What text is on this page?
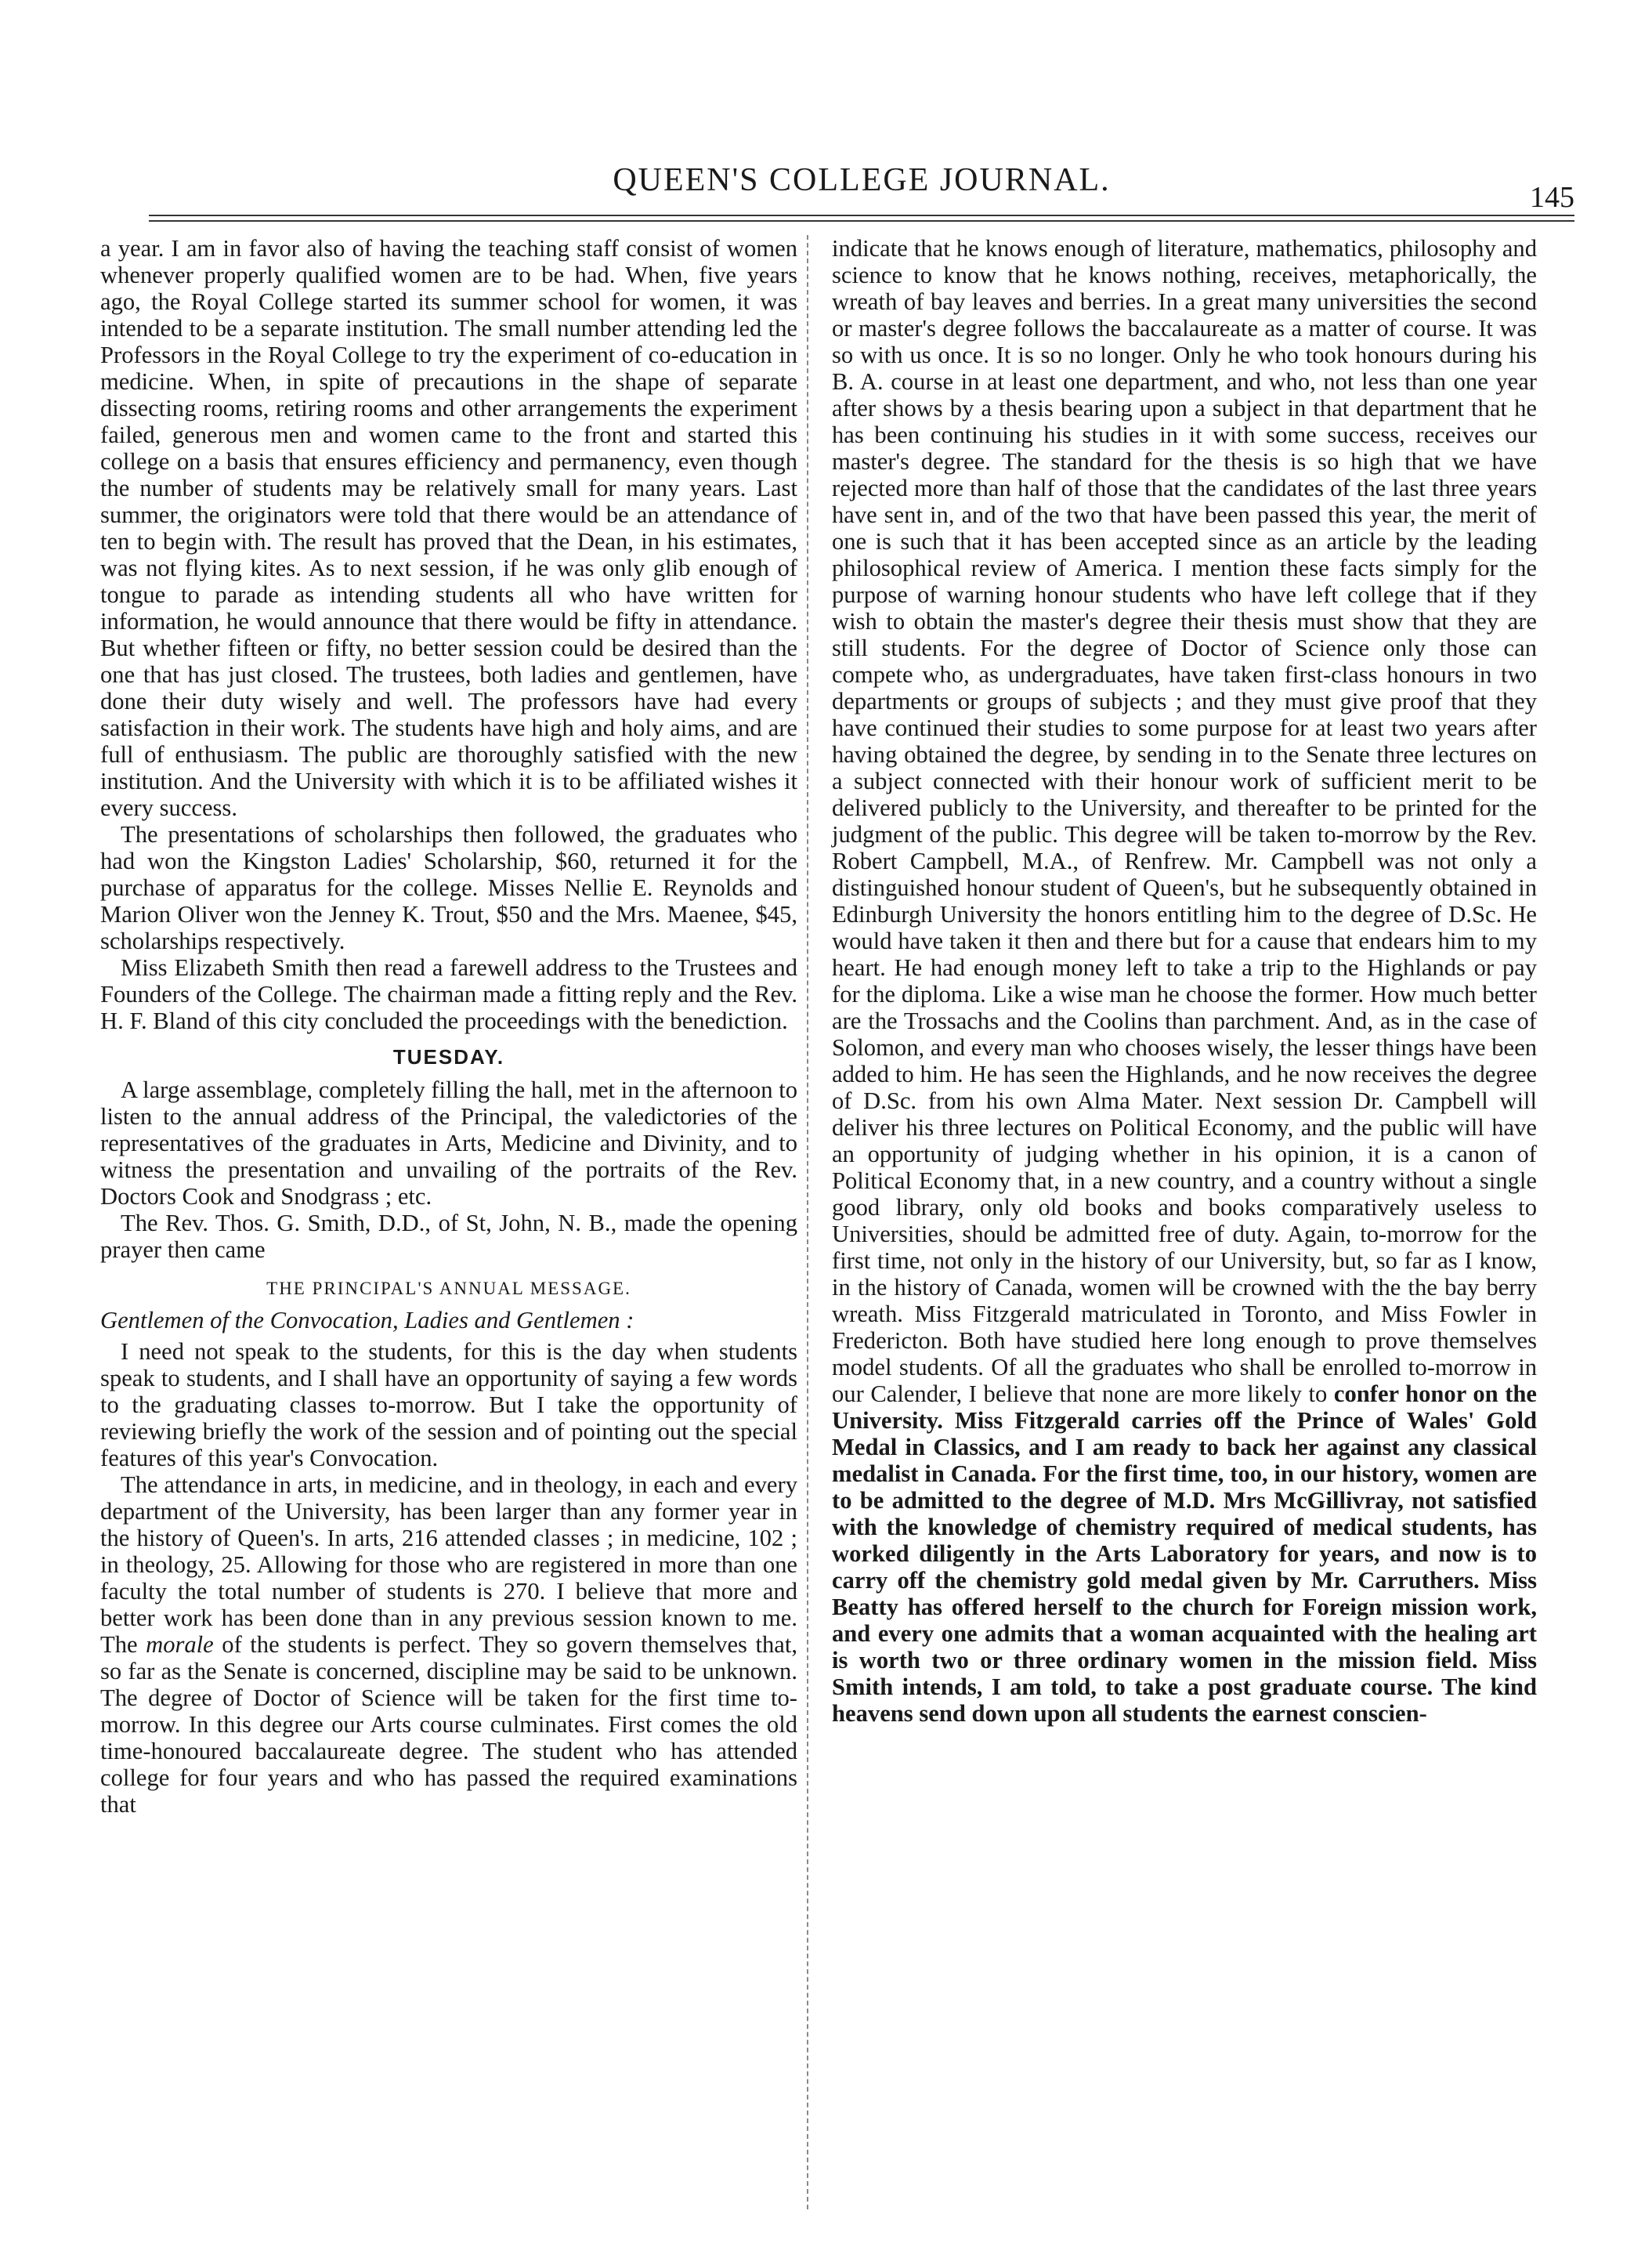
QUEEN'S COLLEGE JOURNAL.	145

a year. I am in favor also of having the teaching staff consist of women whenever properly qualified women are to be had. When, five years ago, the Royal College started its summer school for women, it was intended to be a separate institution. The small number attending led the Professors in the Royal College to try the experiment of co-education in medicine. When, in spite of precautions in the shape of separate dissecting rooms, retiring rooms and other arrangements the experiment failed, generous men and women came to the front and started this college on a basis that ensures efficiency and permanency, even though the number of students may be relatively small for many years. Last summer, the originators were told that there would be an attendance of ten to begin with. The result has proved that the Dean, in his estimates, was not flying kites. As to next session, if he was only glib enough of tongue to parade as intending students all who have written for information, he would announce that there would be fifty in attendance. But whether fifteen or fifty, no better session could be desired than the one that has just closed. The trustees, both ladies and gentlemen, have done their duty wisely and well. The professors have had every satisfaction in their work. The students have high and holy aims, and are full of enthusiasm. The public are thoroughly satisfied with the new institution. And the University with which it is to be affiliated wishes it every success.

The presentations of scholarships then followed, the graduates who had won the Kingston Ladies' Scholarship, $60, returned it for the purchase of apparatus for the college. Misses Nellie E. Reynolds and Marion Oliver won the Jenney K. Trout, $50 and the Mrs. Maenee, $45, scholarships respectively.

Miss Elizabeth Smith then read a farewell address to the Trustees and Founders of the College. The chairman made a fitting reply and the Rev. H. F. Bland of this city concluded the proceedings with the benediction.

TUESDAY.

A large assemblage, completely filling the hall, met in the afternoon to listen to the annual address of the Principal, the valedictories of the representatives of the graduates in Arts, Medicine and Divinity, and to witness the presentation and unvailing of the portraits of the Rev. Doctors Cook and Snodgrass ; etc.

The Rev. Thos. G. Smith, D.D., of St, John, N. B., made the opening prayer then came

THE PRINCIPAL'S ANNUAL MESSAGE.

Gentlemen of the Convocation, Ladies and Gentlemen :

I need not speak to the students, for this is the day when students speak to students, and I shall have an opportunity of saying a few words to the graduating classes to-morrow. But I take the opportunity of reviewing briefly the work of the session and of pointing out the special features of this year's Convocation.

The attendance in arts, in medicine, and in theology, in each and every department of the University, has been larger than any former year in the history of Queen's. In arts, 216 attended classes ; in medicine, 102 ; in theology, 25. Allowing for those who are registered in more than one faculty the total number of students is 270. I believe that more and better work has been done than in any previous session known to me. The morale of the students is perfect. They so govern themselves that, so far as the Senate is concerned, discipline may be said to be unknown. The degree of Doctor of Science will be taken for the first time to-morrow. In this degree our Arts course culminates. First comes the old time-honoured baccalaureate degree. The student who has attended college for four years and who has passed the required examinations that

indicate that he knows enough of literature, mathematics, philosophy and science to know that he knows nothing, receives, metaphorically, the wreath of bay leaves and berries. In a great many universities the second or master's degree follows the baccalaureate as a matter of course. It was so with us once. It is so no longer. Only he who took honours during his B. A. course in at least one department, and who, not less than one year after shows by a thesis bearing upon a subject in that department that he has been continuing his studies in it with some success, receives our master's degree. The standard for the thesis is so high that we have rejected more than half of those that the candidates of the last three years have sent in, and of the two that have been passed this year, the merit of one is such that it has been accepted since as an article by the leading philosophical review of America. I mention these facts simply for the purpose of warning honour students who have left college that if they wish to obtain the master's degree their thesis must show that they are still students. For the degree of Doctor of Science only those can compete who, as undergraduates, have taken first-class honours in two departments or groups of subjects ; and they must give proof that they have continued their studies to some purpose for at least two years after having obtained the degree, by sending in to the Senate three lectures on a subject connected with their honour work of sufficient merit to be delivered publicly to the University, and thereafter to be printed for the judgment of the public. This degree will be taken to-morrow by the Rev. Robert Campbell, M.A., of Renfrew. Mr. Campbell was not only a distinguished honour student of Queen's, but he subsequently obtained in Edinburgh University the honors entitling him to the degree of D.Sc. He would have taken it then and there but for a cause that endears him to my heart. He had enough money left to take a trip to the Highlands or pay for the diploma. Like a wise man he choose the former. How much better are the Trossachs and the Coolins than parchment. And, as in the case of Solomon, and every man who chooses wisely, the lesser things have been added to him. He has seen the Highlands, and he now receives the degree of D.Sc. from his own Alma Mater. Next session Dr. Campbell will deliver his three lectures on Political Economy, and the public will have an opportunity of judging whether in his opinion, it is a canon of Political Economy that, in a new country, and a country without a single good library, only old books and books comparatively useless to Universities, should be admitted free of duty. Again, to-morrow for the first time, not only in the history of our University, but, so far as I know, in the history of Canada, women will be crowned with the the bay berry wreath. Miss Fitzgerald matriculated in Toronto, and Miss Fowler in Fredericton. Both have studied here long enough to prove themselves model students. Of all the graduates who shall be enrolled to-morrow in our Calender, I believe that none are more likely to confer honor on the University. Miss Fitzgerald carries off the Prince of Wales' Gold Medal in Classics, and I am ready to back her against any classical medalist in Canada. For the first time, too, in our history, women are to be admitted to the degree of M.D. Mrs McGillivray, not satisfied with the knowledge of chemistry required of medical students, has worked diligently in the Arts Laboratory for years, and now is to carry off the chemistry gold medal given by Mr. Carruthers. Miss Beatty has offered herself to the church for Foreign mission work, and every one admits that a woman acquainted with the healing art is worth two or three ordinary women in the mission field. Miss Smith intends, I am told, to take a post graduate course. The kind heavens send down upon all students the earnest conscien-
